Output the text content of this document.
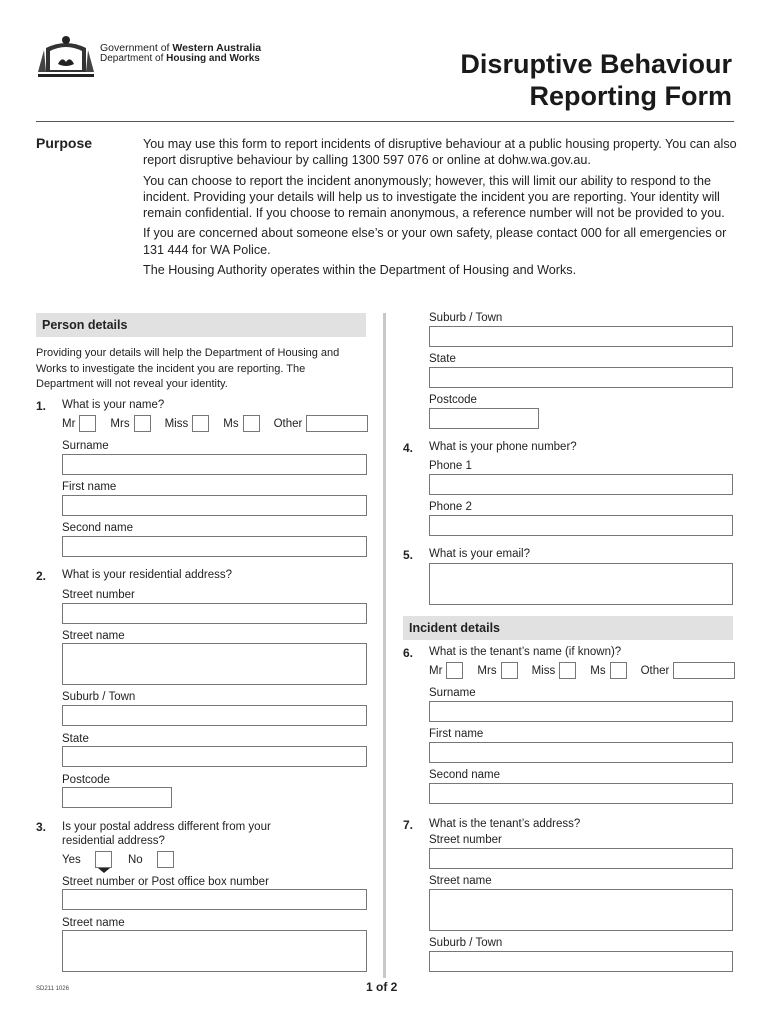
Government of Western Australia
Department of Housing and Works	Disruptive Behaviour
Reporting Form
Purpose	You may use this form to report incidents of disruptive behaviour at a public housing property. You can also report disruptive behaviour by calling 1300 597 076 or online at dohw.wa.gov.au.

You can choose to report the incident anonymously; however, this will limit our ability to respond to the incident. Providing your details will help us to investigate the incident you are reporting. Your identity will remain confidential. If you choose to remain anonymous, a reference number will not be provided to you.

If you are concerned about someone else’s or your own safety, please contact 000 for all emergencies or 131 444 for WA Police.

The Housing Authority operates within the Department of Housing and Works.

Person details
Providing your details will help the Department of Housing and Works to investigate the incident you are reporting. The Department will not reveal your identity.
1. What is your name?
Mr	Mrs	Miss	Ms	Other
Surname
First name
Second name
2. What is your residential address?
Street number
Street name
Suburb / Town
State
Postcode
3. Is your postal address different from your residential address?
Yes	No
Street number or Post office box number
Street name
Suburb / Town
State
Postcode
4. What is your phone number?
Phone 1
Phone 2
5. What is your email?
Incident details
6. What is the tenant’s name (if known)?
Mr	Mrs	Miss	Ms	Other
Surname
First name
Second name
7. What is the tenant’s address?
Street number
Street name
Suburb / Town
SD211 1026	1 of 2
